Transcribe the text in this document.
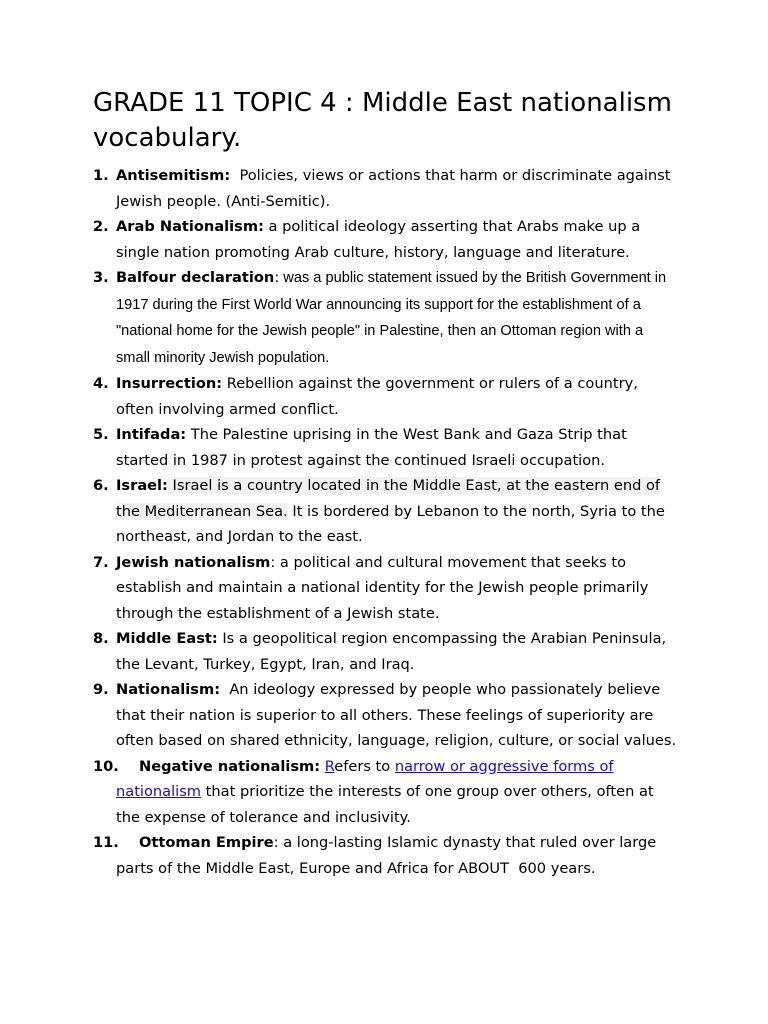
GRADE 11 TOPIC 4 : Middle East nationalism vocabulary.
1. Antisemitism:  Policies, views or actions that harm or discriminate against Jewish people. (Anti-Semitic).
2. Arab Nationalism: a political ideology asserting that Arabs make up a single nation promoting Arab culture, history, language and literature.
3. Balfour declaration: was a public statement issued by the British Government in 1917 during the First World War announcing its support for the establishment of a "national home for the Jewish people" in Palestine, then an Ottoman region with a small minority Jewish population.
4. Insurrection: Rebellion against the government or rulers of a country, often involving armed conflict.
5. Intifada: The Palestine uprising in the West Bank and Gaza Strip that started in 1987 in protest against the continued Israeli occupation.
6. Israel: Israel is a country located in the Middle East, at the eastern end of the Mediterranean Sea. It is bordered by Lebanon to the north, Syria to the northeast, and Jordan to the east.
7. Jewish nationalism: a political and cultural movement that seeks to establish and maintain a national identity for the Jewish people primarily through the establishment of a Jewish state.
8. Middle East: Is a geopolitical region encompassing the Arabian Peninsula, the Levant, Turkey, Egypt, Iran, and Iraq.
9. Nationalism:  An ideology expressed by people who passionately believe that their nation is superior to all others. These feelings of superiority are often based on shared ethnicity, language, religion, culture, or social values.
10. Negative nationalism: Refers to narrow or aggressive forms of nationalism that prioritize the interests of one group over others, often at the expense of tolerance and inclusivity.
11. Ottoman Empire: a long-lasting Islamic dynasty that ruled over large parts of the Middle East, Europe and Africa for ABOUT  600 years.
